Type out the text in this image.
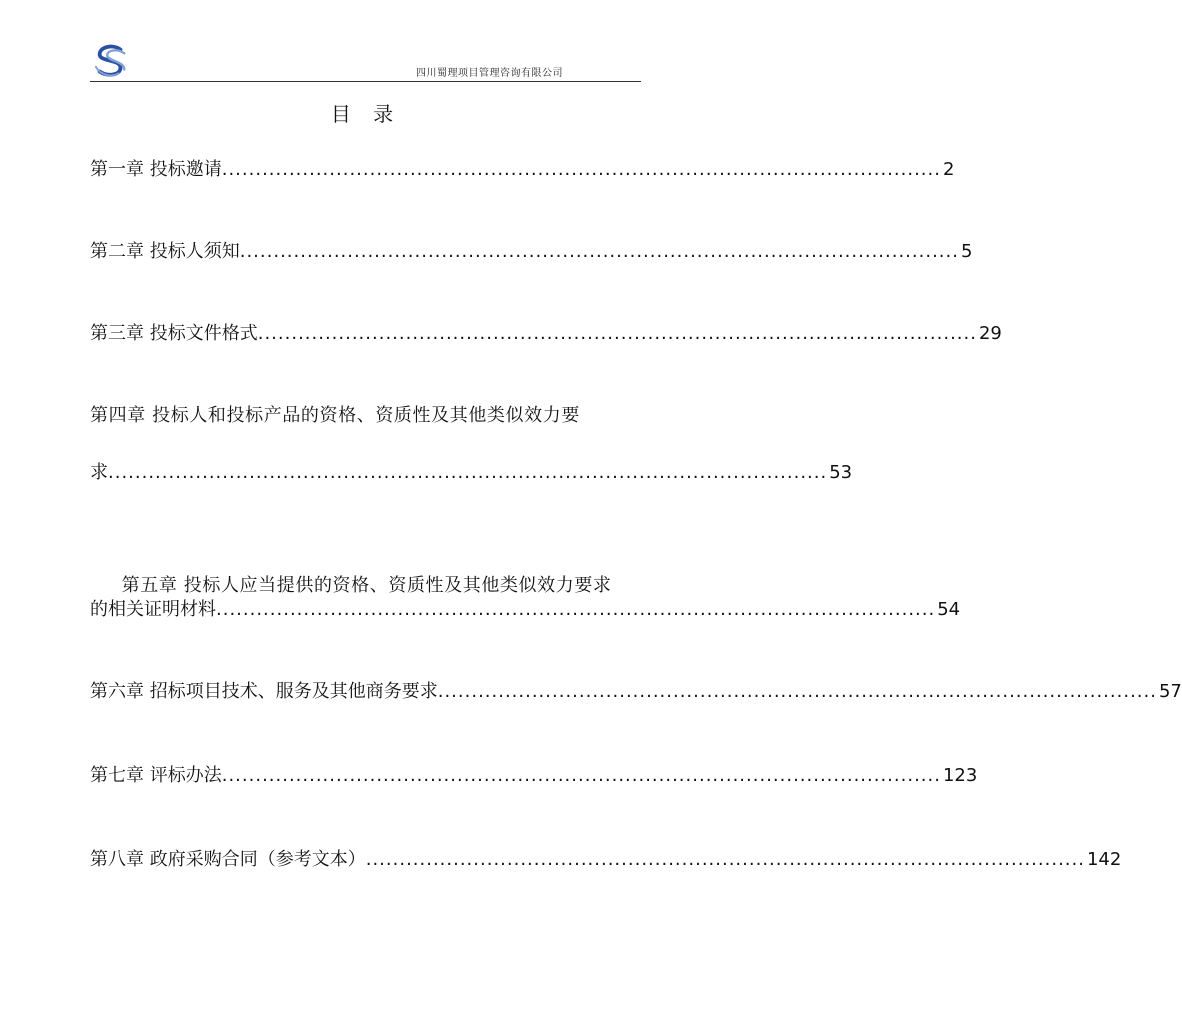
四川蜀理项目管理咨询有限公司
目 录
第一章 投标邀请 ........................................................................................................... 2
第二章 投标人须知 ........................................................................................................... 5
第三章 投标文件格式 ........................................................................................................... 29
第四章 投标人和投标产品的资格、资质性及其他类似效力要
求 ........................................................................................................... 53

第五章 投标人应当提供的资格、资质性及其他类似效力要求

的相关证明材料 ........................................................................................................... 54
第六章 招标项目技术、服务及其他商务要求 ........................................................................................................... 57
第七章 评标办法 ........................................................................................................... 123
第八章 政府采购合同（参考文本） ........................................................................................................... 142
